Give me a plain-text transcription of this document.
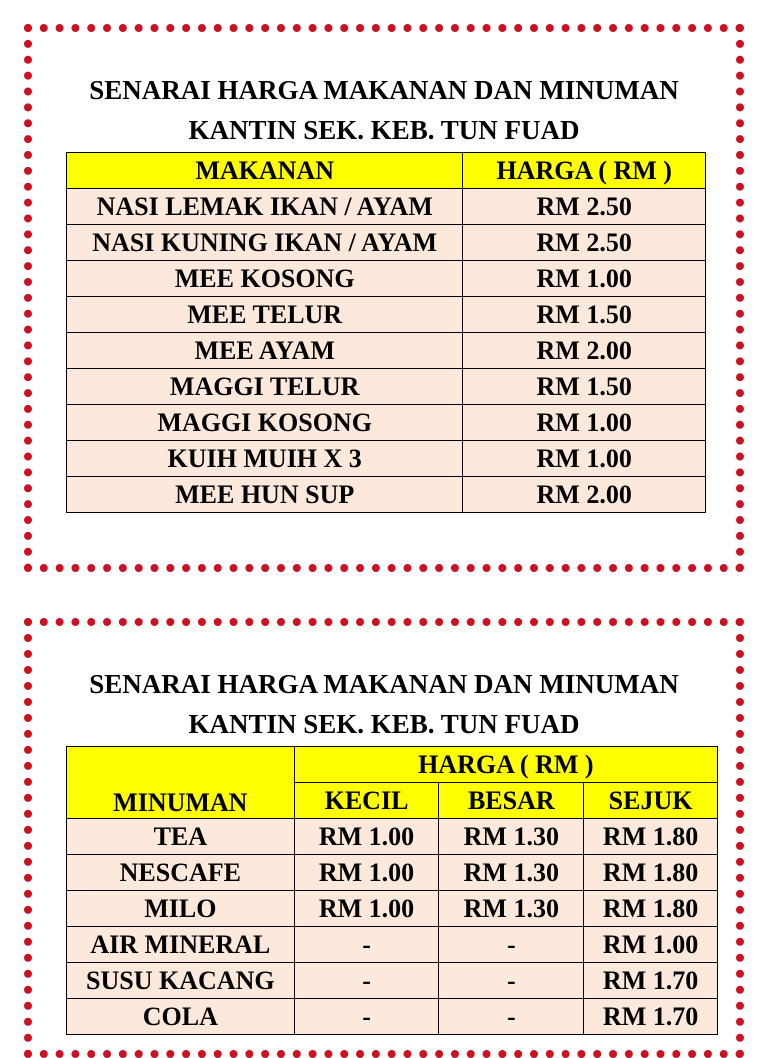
SENARAI HARGA MAKANAN DAN MINUMAN
KANTIN SEK. KEB. TUN FUAD
MAKANAN	HARGA ( RM )
NASI LEMAK IKAN / AYAM	RM 2.50
NASI KUNING IKAN / AYAM	RM 2.50
MEE KOSONG	RM 1.00
MEE TELUR	RM 1.50
MEE AYAM	RM 2.00
MAGGI TELUR	RM 1.50
MAGGI KOSONG	RM 1.00
KUIH MUIH X 3	RM 1.00
MEE HUN SUP	RM 2.00
SENARAI HARGA MAKANAN DAN MINUMAN
KANTIN SEK. KEB. TUN FUAD
MINUMAN	HARGA ( RM )		
	KECIL	BESAR	SEJUK
TEA	RM 1.00	RM 1.30	RM 1.80
NESCAFE	RM 1.00	RM 1.30	RM 1.80
MILO	RM 1.00	RM 1.30	RM 1.80
AIR MINERAL	-	-	RM 1.00
SUSU KACANG	-	-	RM 1.70
COLA	-	-	RM 1.70
